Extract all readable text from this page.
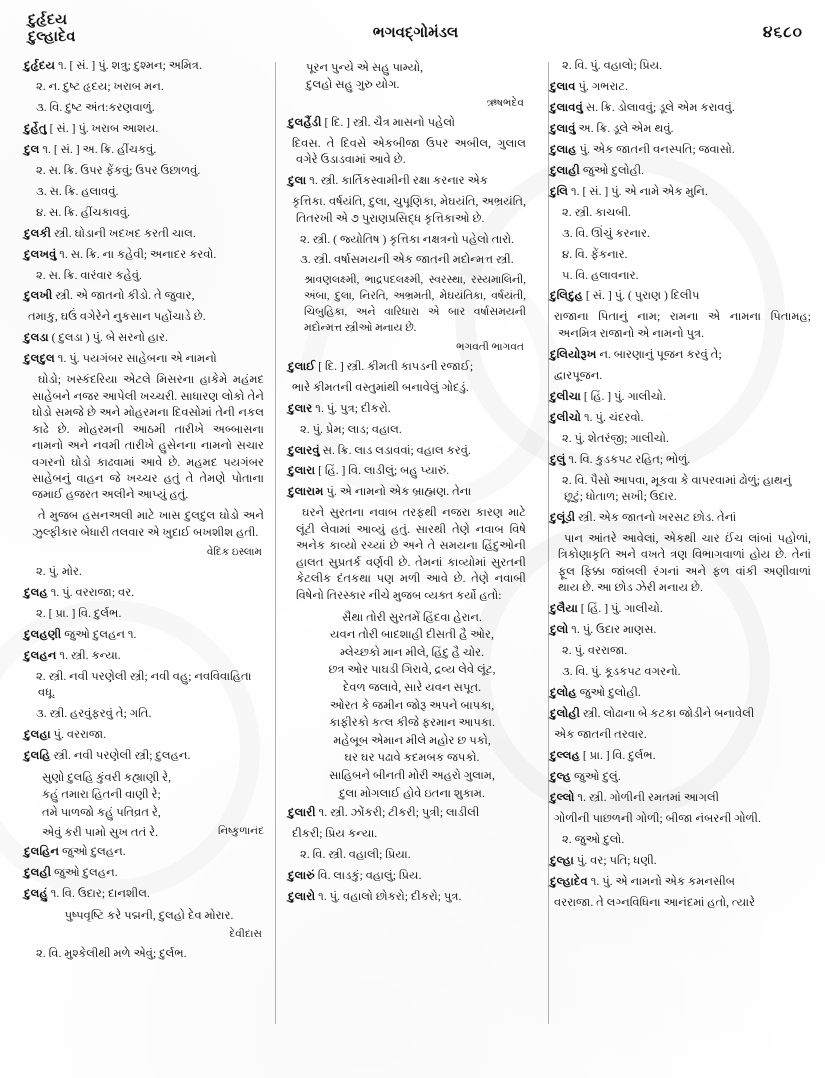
દુર્હૃદય
દુલ્હાદેવ	ભગવદ્‌ગોમંડલ	૪૬૮૦
દુર્હૃદય ૧. [ સં. ] પું. શત્રુ; દુશ્મન; અમિત્ર.
૨. ન. દુષ્ટ હૃદય; ખરાબ મન.
૩. વિ. દુષ્ટ અંત:કરણવાળું.
દુર્હેતુ [ સં. ] પું. ખરાબ આશય.
દુલ ૧. [ સં. ] અ. ક્રિ. હીંચકવું.
૨. સ. ક્રિ. ઉપર ફેંકવું; ઉપર ઉછાળવું.
૩. સ. ક્રિ. હલાવવું.
૪. સ. ક્રિ. હીંચકાવવું.
દુલકી સ્ત્રી. ઘોડાની ખદખદ કરતી ચાલ.
દુલખવું ૧. સ. ક્રિ. ના કહેવી; અનાદર કરવો.
૨. સ. ક્રિ. વારંવાર કહેવું.
દુલખી સ્ત્રી. એ જાતનો કીડો. તે જુવાર,
તમાકુ, ઘઉં વગેરેને નુકસાન પહોંચાડે છે.
દુલડા ( દુલડા ) પું. બે સરનો હાર.
દુલદુલ ૧. પું. પયગંબર સાહેબના એ નામનો
ઘોડો; ખસ્કંદરિયા એટલે મિસરના હાકેમે મહંમદ સાહેબને નજર આપેલી ખચ્ચરી. સાધારણ લોકો તેને ઘોડો સમજે છે અને મોહરમના દિવસોમાં તેની નકલ કાઢે છે. મોહરમની આઠમી તારીખે અબ્બાસના નામનો અને નવમી તારીખે હુસેનના નામનો સચાર વગરનો ઘોડો કાઢવામાં આવે છે. મહમદ પયગંબર સાહેબનું વાહન જે ખચ્ચર હતું તે તેમણે પોતાના જમાઈ હજરત અલીને આપ્યું હતું.
તે મુજબ હસનઅલી માટે ખાસ દુલદુલ ઘોડો અને ઝુલ્ફીકાર બેધારી તલવાર એ ખુદાઈ બખશીશ હતી.
વેદિક ઇસ્લામ
૨. પું. મોર.
દુલહ ૧. પું. વરરાજા; વર.
૨. [ પ્રા. ] વિ. દુર્લભ.
દુલહણી જુઓ દુલહન ૧.
દુલહન ૧. સ્ત્રી. કન્યા.
૨. સ્ત્રી. નવી પરણેલી સ્ત્રી; નવી વહુ; નવવિવાહિતા વધૂ.
૩. સ્ત્રી. હરવુંફરવું તે; ગતિ.
દુલહા પું. વરરાજા.
દુલહિ સ્ત્રી. નવી પરણેલી સ્ત્રી; દુલહન.
સુણો દુલહિ કુંવરી કહ્યાણી રે,
કહું તમારા હિતની વાણી રે;
તમે પાળજો કહું પતિવ્રત રે,
નિષ્કુળાનંદ
એવું કરી પામો સુખ તતં રે.
દુલહિન જુઓ દુલહન.
દુલહી જુઓ દુલહન.
દુલહું ૧. વિ. ઉદાર; દાનશીલ.
પુષ્પવૃષ્ટિ કરે પદ્મની, દુલહો દેવ મોરાર.
દેવીદાસ
૨. વિ. મુશ્કેલીથી મળે એવું; દુર્લભ.
પૂરન પુન્યે એ સહુ પામ્યો,
દુલહો સહુ ગુરુ યોગ.
ઋષભદેવ
દુલહૈંડી [ દિ. ] સ્ત્રી. ચૈત્ર માસનો પહેલો
દિવસ. તે દિવસે એકબીજા ઉપર અબીલ, ગુલાલ વગેરે ઉડાડવામાં આવે છે.
દુલા ૧. સ્ત્રી. કાર્તિકસ્વામીની રક્ષા કરનાર એક
કૃત્તિકા. વર્ષયંતિ, દુલા, ચુપૂણિકા, મેઘયંતિ, અભ્રયંતિ, તિતરખી એ ૭ પુરાણપ્રસિદ્ધ કૃત્તિકાઓ છે.
૨. સ્ત્રી. ( જ્યોતિષ ) કૃત્તિકા નક્ષત્રનો પહેલો તારો.
૩. સ્ત્રી. વર્ષાસમયની એક જાતની મદોન્મત્ત સ્ત્રી.
શ્રાવણલક્ષ્મી, ભાદ્રપદલક્ષ્મી, સ્વરસ્થા, રસ્યમાલિની, અંબા, દુલા, નિરતિ, અભ્રમતી, મેઘયંતિકા, વર્ષયંતી, ચિબુહિકા, અને વારિધારા એ બાર વર્ષાસમયની મદોન્મત્ત સ્ત્રીઓ મનાય છે.
ભગવતી ભાગવત
દુલાઈ [ દિ. ] સ્ત્રી. કીમતી કાપડની રજાઈ;
ભારે કીમતની વસ્તુમાંથી બનાવેલું ગોદડું.
દુલાર ૧. પું. પુત્ર; દીકરો.
૨. પું. પ્રેમ; લાડ; વહાલ.
દુલારવું સ. ક્રિ. લાડ લડાવવાં; વહાલ કરવું.
દુલારા [ હિં. ] વિ. લાડીલું; બહુ પ્યારું.
દુલારામ પું. એ નામનો એક બ્રાહ્મણ. તેના
ઘરને સુરતના નવાબ તરફથી નજરા કારણ માટે લૂંટી લેવામાં આવ્યું હતું. સારથી તેણે નવાબ વિષે અનેક કાવ્યો રચ્યાં છે અને તે સમયના હિંદુઓની હાલત સુપ્રતર્ક વર્ણવી છે. તેમનાં કાવ્યોમાં સુરતની કેટલીક દંતકથા પણ મળી આવે છે. તેણે નવાબી વિષેનો તિરસ્કાર નીચે મુજબ વ્યક્ત કર્યો હતો:
સૈથા તોરી સુરતમેં હિંદવા હેરાન.
યવન તોરી બાદશાહી દીસતી હૈ ઓર,
મ્લેચ્છકો માન મીલે, હિંદુ હૈ ચોર.
છત્ર ઓર પાઘડી ગિરાવે, દ્રવ્ય લેવે લૂંટ,
દેવળ જલાવે, સારે યવન સપૂત.
ઓરત કે જમીન જોરૂ અપને બાપકા,
કાફીરકો કત્લ કીજે ફરમાન આપકા.
મહેબૂબ એમાન મીલે મહોર છ પકો,
ઘર ઘર પઢાવે કદમબક જપકો.
સાહિબને બીનતી મોરી અહરો ગુલામ,
દુલા મોગલાઈ હોવે ઇતના શુકામ.
દુલારી ૧. સ્ત્રી. ઝોંકરી; ટીકરી; પુત્રી; લાડીલી
દીકરી; પ્રિય કન્યા.
૨. વિ. સ્ત્રી. વહાલી; પ્રિયા.
દુલારું વિ. લાડકું; વહાલું; પ્રિય.
દુલારો ૧. પું. વહાલો છોકરો; દીકરો; પુત્ર.
૨. વિ. પું. વહાલો; પ્રિય.
દુલાવ પું. ગભરાટ.
દુલાવવું સ. ક્રિ. ડોલાવવું; ડૂલે એમ કરાવવું.
દુલાવું અ. ક્રિ. ડૂલે એમ થવું.
દુલાહ પું. એક જાતની વનસ્પતિ; જવાસો.
દુલાહી જુઓ દુલોહી.
દુલિ ૧. [ સં. ] પું. એ નામે એક મુનિ.
૨. સ્ત્રી. કાચબી.
૩. વિ. ઊંચું કરનાર.
૪. વિ. ફેંકનાર.
૫. વિ. હલાવનાર.
દુલિદુહ [ સં. ] પું. ( પુરાણ ) દિલીપ
રાજાના પિતાનું નામ; રામના એ નામના પિતામહ; અનમિત્ર રાજાનો એ નામનો પુત્ર.
દુલિયોરૂખ ન. બારણાનું પૂજન કરવું તે;
દ્વારપૂજન.
દુલીચા [ હિં. ] પું. ગાલીચો.
દુલીચો ૧. પું. ચંદરવો.
૨. પું. શેતરંજી; ગાલીચો.
દુલું ૧. વિ. કુડકપટ રહિત; ભોળું.
૨. વિ. પૈસો આપવા, મૂકવા કે વાપરવામાં ઢોળું; હાથનું છૂટું; ધોતાળ; સખી; ઉદાર.
દુલૂંડી સ્ત્રી. એક જાતનો ખરસટ છોડ. તેનાં
પાન આંતરે આવેલાં, એકથી ચાર ઈંચ લાંબાં પહોળાં, ત્રિકોણાકૃતિ અને વખતે ત્રણ વિભાગવાળાં હોય છે. તેનાં ફૂલ ફિક્કા જાંબલી રંગનાં અને ફળ વાંકી અણીવાળાં થાય છે. આ છોડ ઝેરી મનાય છે.
દુલૈયા [ હિં. ] પું. ગાલીચો.
દુલો ૧. પું. ઉદાર માણસ.
૨. પું. વરરાજા.
૩. વિ. પું. કૂડકપટ વગરનો.
દુલોહ જુઓ દુલોહી.
દુલોહી સ્ત્રી. લોઢાના બે કટકા જોડીને બનાવેલી
એક જાતની તરવાર.
દુલ્લહ [ પ્રા. ] વિ. દુર્લભ.
દુલ્હ જુઓ દુલું.
દુલ્લો ૧. સ્ત્રી. ગોળીની રમતમાં આગલી
ગોળીની પાછળની ગોળી; બીજા નંબરની ગોળી.
૨. જુઓ દુલો.
દુલ્હા પું. વર; પતિ; ધણી.
દુલ્હાદેવ ૧. પું. એ નામનો એક કમનસીબ
વરરાજા. તે લગ્નવિધિના આનંદમાં હતો, ત્યારે
